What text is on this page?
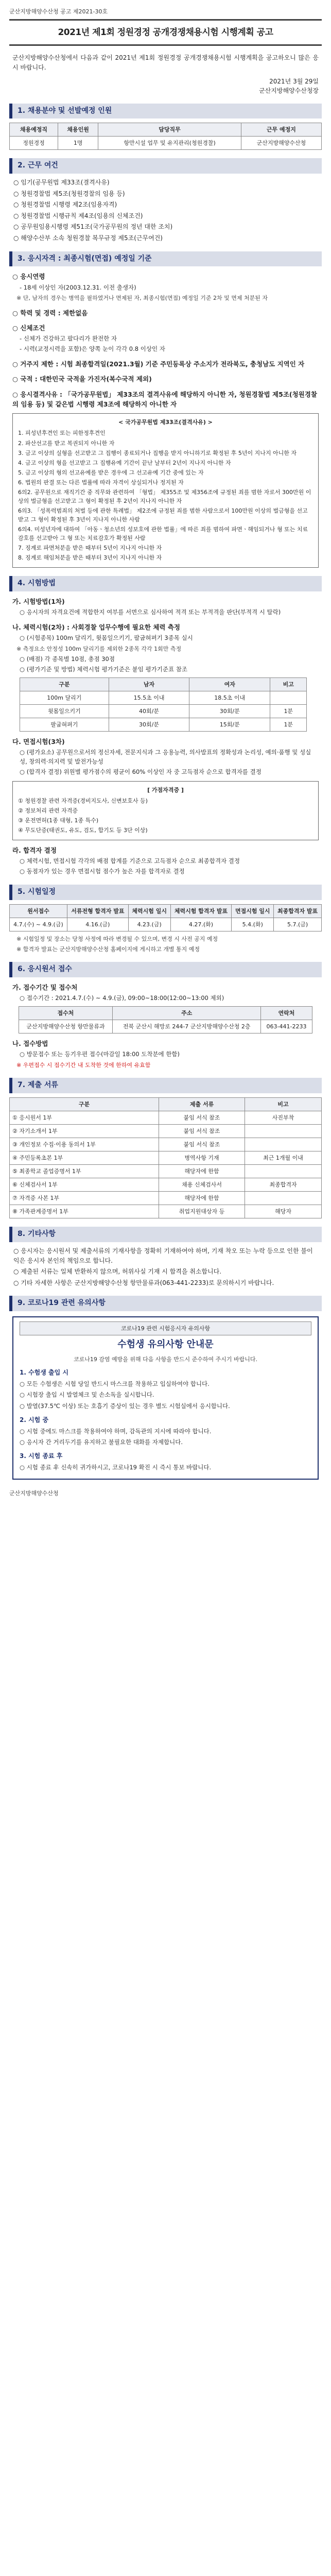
군산지방해양수산청 공고 제2021-30호
2021년 제1회 정원경정 공개경쟁채용시험 시행계획 공고

군산지방해양수산청에서 다음과 같이 2021년 제1회 정원경정 공개경쟁채용시험 시행계획을 공고하오니 많은 응시 바랍니다.

2021년 3월 29일
군산지방해양수산청장
1. 채용분야 및 선발예정 인원
채용예정직	채용인원	담당직무	근무 예정지
정원경정	1명	항만시설 업무 및 유지관리(청원경찰)	군산지방해양수산청
2. 근무 여건
○ 임기(공무원법 제33조(결격사유)
○ 청원경찰법 제5조(청원경찰의 임용 등)
○ 청원경찰법 시행령 제2조(임용자격)
○ 청원경찰법 시행규칙 제4조(임용의 신체조건)
○ 공무원임용시행령 제51조(국가공무원의 정년 대한 조치)
○ 해양수산부 소속 청원경찰 복무규정 제5조(근무여건)
3. 응시자격 : 최종시험(면접) 예정일 기준
○ 응시연령
- 18세 이상인 자(2003.12.31. 이전 출생자)
※ 단, 남자의 경우는 병역을 필하였거나 면제된 자, 최종시험(면접) 예정일 기준 2차 및 면제 처분된 자
○ 학력 및 경력 : 제한없음
○ 신체조건
- 신체가 건강하고 팔다리가 완전한 자
- 시력(교정시력을 포함)은 양쪽 눈이 각각 0.8 이상인 자
○ 거주지 제한 : 시험 최종합격일(2021.3월) 기준 주민등록상 주소지가 전라북도, 충청남도 지역인 자
○ 국적 : 대한민국 국적을 가진자(복수국적 제외)
○ 응시결격사유 : 「국가공무원법」 제33조의 결격사유에 해당하지 아니한 자, 청원경찰법 제5조(청원경찰의 임용 등) 및 같은법 시행령 제3조에 해당하지 아니한 자
< 국가공무원법 제33조(결격사유) >
1. 피성년후견인 또는 피한정후견인
2. 파산선고를 받고 복권되지 아니한 자
3. 금고 이상의 실형을 선고받고 그 집행이 종료되거나 집행을 받지 아니하기로 확정된 후 5년이 지나지 아니한 자
4. 금고 이상의 형을 선고받고 그 집행유예 기간이 끝난 날부터 2년이 지나지 아니한 자
5. 금고 이상의 형의 선고유예를 받은 경우에 그 선고유예 기간 중에 있는 자
6. 법원의 판결 또는 다른 법률에 따라 자격이 상실되거나 정지된 자
6의2. 공무원으로 재직기간 중 직무와 관련하여 「형법」 제355조 및 제356조에 규정된 죄를 범한 자로서 300만원 이상의 벌금형을 선고받고 그 형이 확정된 후 2년이 지나지 아니한 자
6의3. 「성폭력범죄의 처벌 등에 관한 특례법」 제2조에 규정된 죄를 범한 사람으로서 100만원 이상의 벌금형을 선고받고 그 형이 확정된 후 3년이 지나지 아니한 사람
6의4. 미성년자에 대하여 「아동ㆍ청소년의 성보호에 관한 법률」에 따른 죄를 범하여 파면ㆍ해임되거나 형 또는 치료감호를 선고받아 그 형 또는 치료감호가 확정된 사람
7. 징계로 파면처분을 받은 때부터 5년이 지나지 아니한 자
8. 징계로 해임처분을 받은 때부터 3년이 지나지 아니한 자
4. 시험방법
가. 시험방법(1차)
○ 응시자의 자격요건에 적합한지 여부를 서면으로 심사하여 적격 또는 부적격을 판단(부적격 시 탈락)
나. 체력시험(2차) : 사회경찰 업무수행에 필요한 체력 측정
○ (시험종목) 100m 달리기, 윗몸일으키기, 팔굽혀펴기 3종목 실시
※ 측정요소 안정성 100m 달리기를 제외한 2종목 각각 1회만 측정
○ (배점) 각 종목별 10점, 총점 30점
○ (평가기준 및 방법) 체력시험 평가기준은 붙임 평가기준표 참조
구분	남자	여자	비고
100m 달리기	15.5초 이내	18.5초 이내	
윗몸일으키기	40회/분	30회/분	1분
팔굽혀펴기	30회/분	15회/분	1분
다. 면접시험(3차)
○ (평가요소) 공무원으로서의 정신자세, 전문지식과 그 응용능력, 의사발표의 정확성과 논리성, 예의·품행 및 성실성, 창의력·의지력 및 발전가능성
○ (합격자 결정) 위원별 평가점수의 평균이 60% 이상인 자 중 고득점자 순으로 합격자를 결정
[ 가점자격증 ]
① 청원경찰 관련 자격증(경비지도사, 신변보호사 등)
② 정보처리 관련 자격증
③ 운전면허(1종 대형, 1종 특수)
④ 무도단증(태권도, 유도, 검도, 합기도 등 3단 이상)
라. 합격자 결정
○ 체력시험, 면접시험 각각의 배점 합계를 기준으로 고득점자 순으로 최종합격자 결정
○ 동점자가 있는 경우 면접시험 점수가 높은 자를 합격자로 결정
5. 시험일정
원서접수	서류전형 합격자 발표	체력시험 일시	체력시험 합격자 발표	면접시험 일시	최종합격자 발표
4.7.(수) ~ 4.9.(금)	4.16.(금)	4.23.(금)	4.27.(화)	5.4.(화)	5.7.(금)
※ 시험일정 및 장소는 당청 사정에 따라 변경될 수 있으며, 변경 시 사전 공지 예정
※ 합격자 발표는 군산지방해양수산청 홈페이지에 게시하고 개별 통지 예정
6. 응시원서 접수
가. 접수기간 및 접수처
○ 접수기간 : 2021.4.7.(수) ~ 4.9.(금), 09:00~18:00(12:00~13:00 제외)
접수처	주소	연락처
군산지방해양수산청 항만물류과	전북 군산시 해망로 244-7 군산지방해양수산청 2층	063-441-2233
나. 접수방법
○ 방문접수 또는 등기우편 접수(마감일 18:00 도착분에 한함)
※ 우편접수 시 접수기간 내 도착한 것에 한하여 유효함
7. 제출 서류
구분	제출 서류	비고
① 응시원서 1부	붙임 서식 참조	사진부착
② 자기소개서 1부	붙임 서식 참조	
③ 개인정보 수집·이용 동의서 1부	붙임 서식 참조	
④ 주민등록초본 1부	병역사항 기재	최근 1개월 이내
⑤ 최종학교 졸업증명서 1부	해당자에 한함	
⑥ 신체검사서 1부	채용 신체검사서	최종합격자
⑦ 자격증 사본 1부	해당자에 한함	
⑧ 가족관계증명서 1부	취업지원대상자 등	해당자
8. 기타사항
○ 응시자는 응시원서 및 제출서류의 기재사항을 정확히 기재하여야 하며, 기재 착오 또는 누락 등으로 인한 불이익은 응시자 본인의 책임으로 합니다.
○ 제출된 서류는 일체 반환하지 않으며, 허위사실 기재 시 합격을 취소합니다.
○ 기타 자세한 사항은 군산지방해양수산청 항만물류과(063-441-2233)로 문의하시기 바랍니다.
9. 코로나19 관련 유의사항
코로나19 관련 시험응시자 유의사항
수험생 유의사항 안내문
코로나19 감염 예방을 위해 다음 사항을 반드시 준수하여 주시기 바랍니다.
1. 수험생 출입 시
○ 모든 수험생은 시험 당일 반드시 마스크를 착용하고 입실하여야 합니다.
○ 시험장 출입 시 발열체크 및 손소독을 실시합니다.
○ 발열(37.5℃ 이상) 또는 호흡기 증상이 있는 경우 별도 시험실에서 응시합니다.
2. 시험 중
○ 시험 중에도 마스크를 착용하여야 하며, 감독관의 지시에 따라야 합니다.
○ 응시자 간 거리두기를 유지하고 불필요한 대화를 자제합니다.
3. 시험 종료 후
○ 시험 종료 후 신속히 귀가하시고, 코로나19 확진 시 즉시 통보 바랍니다.
군산지방해양수산청
